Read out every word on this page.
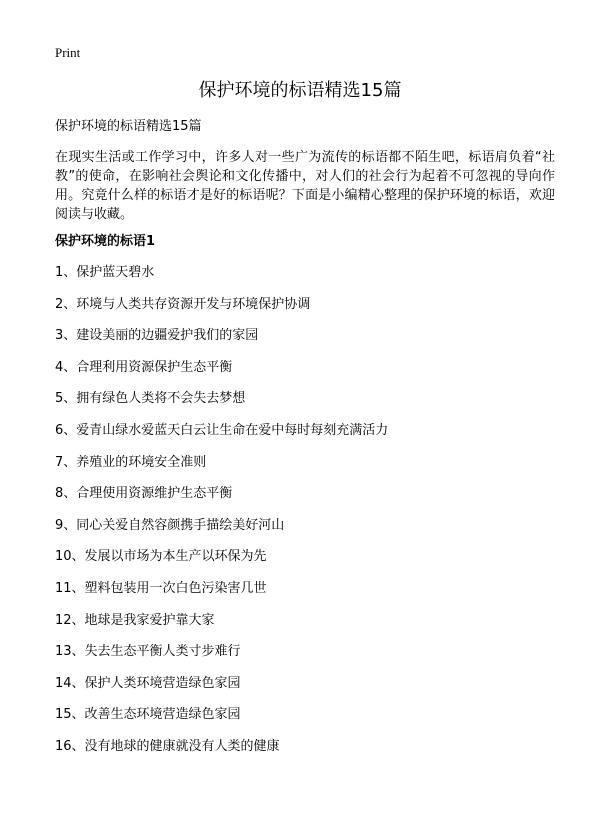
Print
保护环境的标语精选15篇
保护环境的标语精选15篇

在现实生活或工作学习中，许多人对一些广为流传的标语都不陌生吧，标语肩负着“社教”的使命，在影响社会舆论和文化传播中，对人们的社会行为起着不可忽视的导向作用。究竟什么样的标语才是好的标语呢？下面是小编精心整理的保护环境的标语，欢迎阅读与收藏。

保护环境的标语1
1、保护蓝天碧水
2、环境与人类共存资源开发与环境保护协调
3、建设美丽的边疆爱护我们的家园
4、合理利用资源保护生态平衡
5、拥有绿色人类将不会失去梦想
6、爱青山绿水爱蓝天白云让生命在爱中每时每刻充满活力
7、养殖业的环境安全准则
8、合理使用资源维护生态平衡
9、同心关爱自然容颜携手描绘美好河山
10、发展以市场为本生产以环保为先
11、塑料包装用一次白色污染害几世
12、地球是我家爱护靠大家
13、失去生态平衡人类寸步难行
14、保护人类环境营造绿色家园
15、改善生态环境营造绿色家园
16、没有地球的健康就没有人类的健康
